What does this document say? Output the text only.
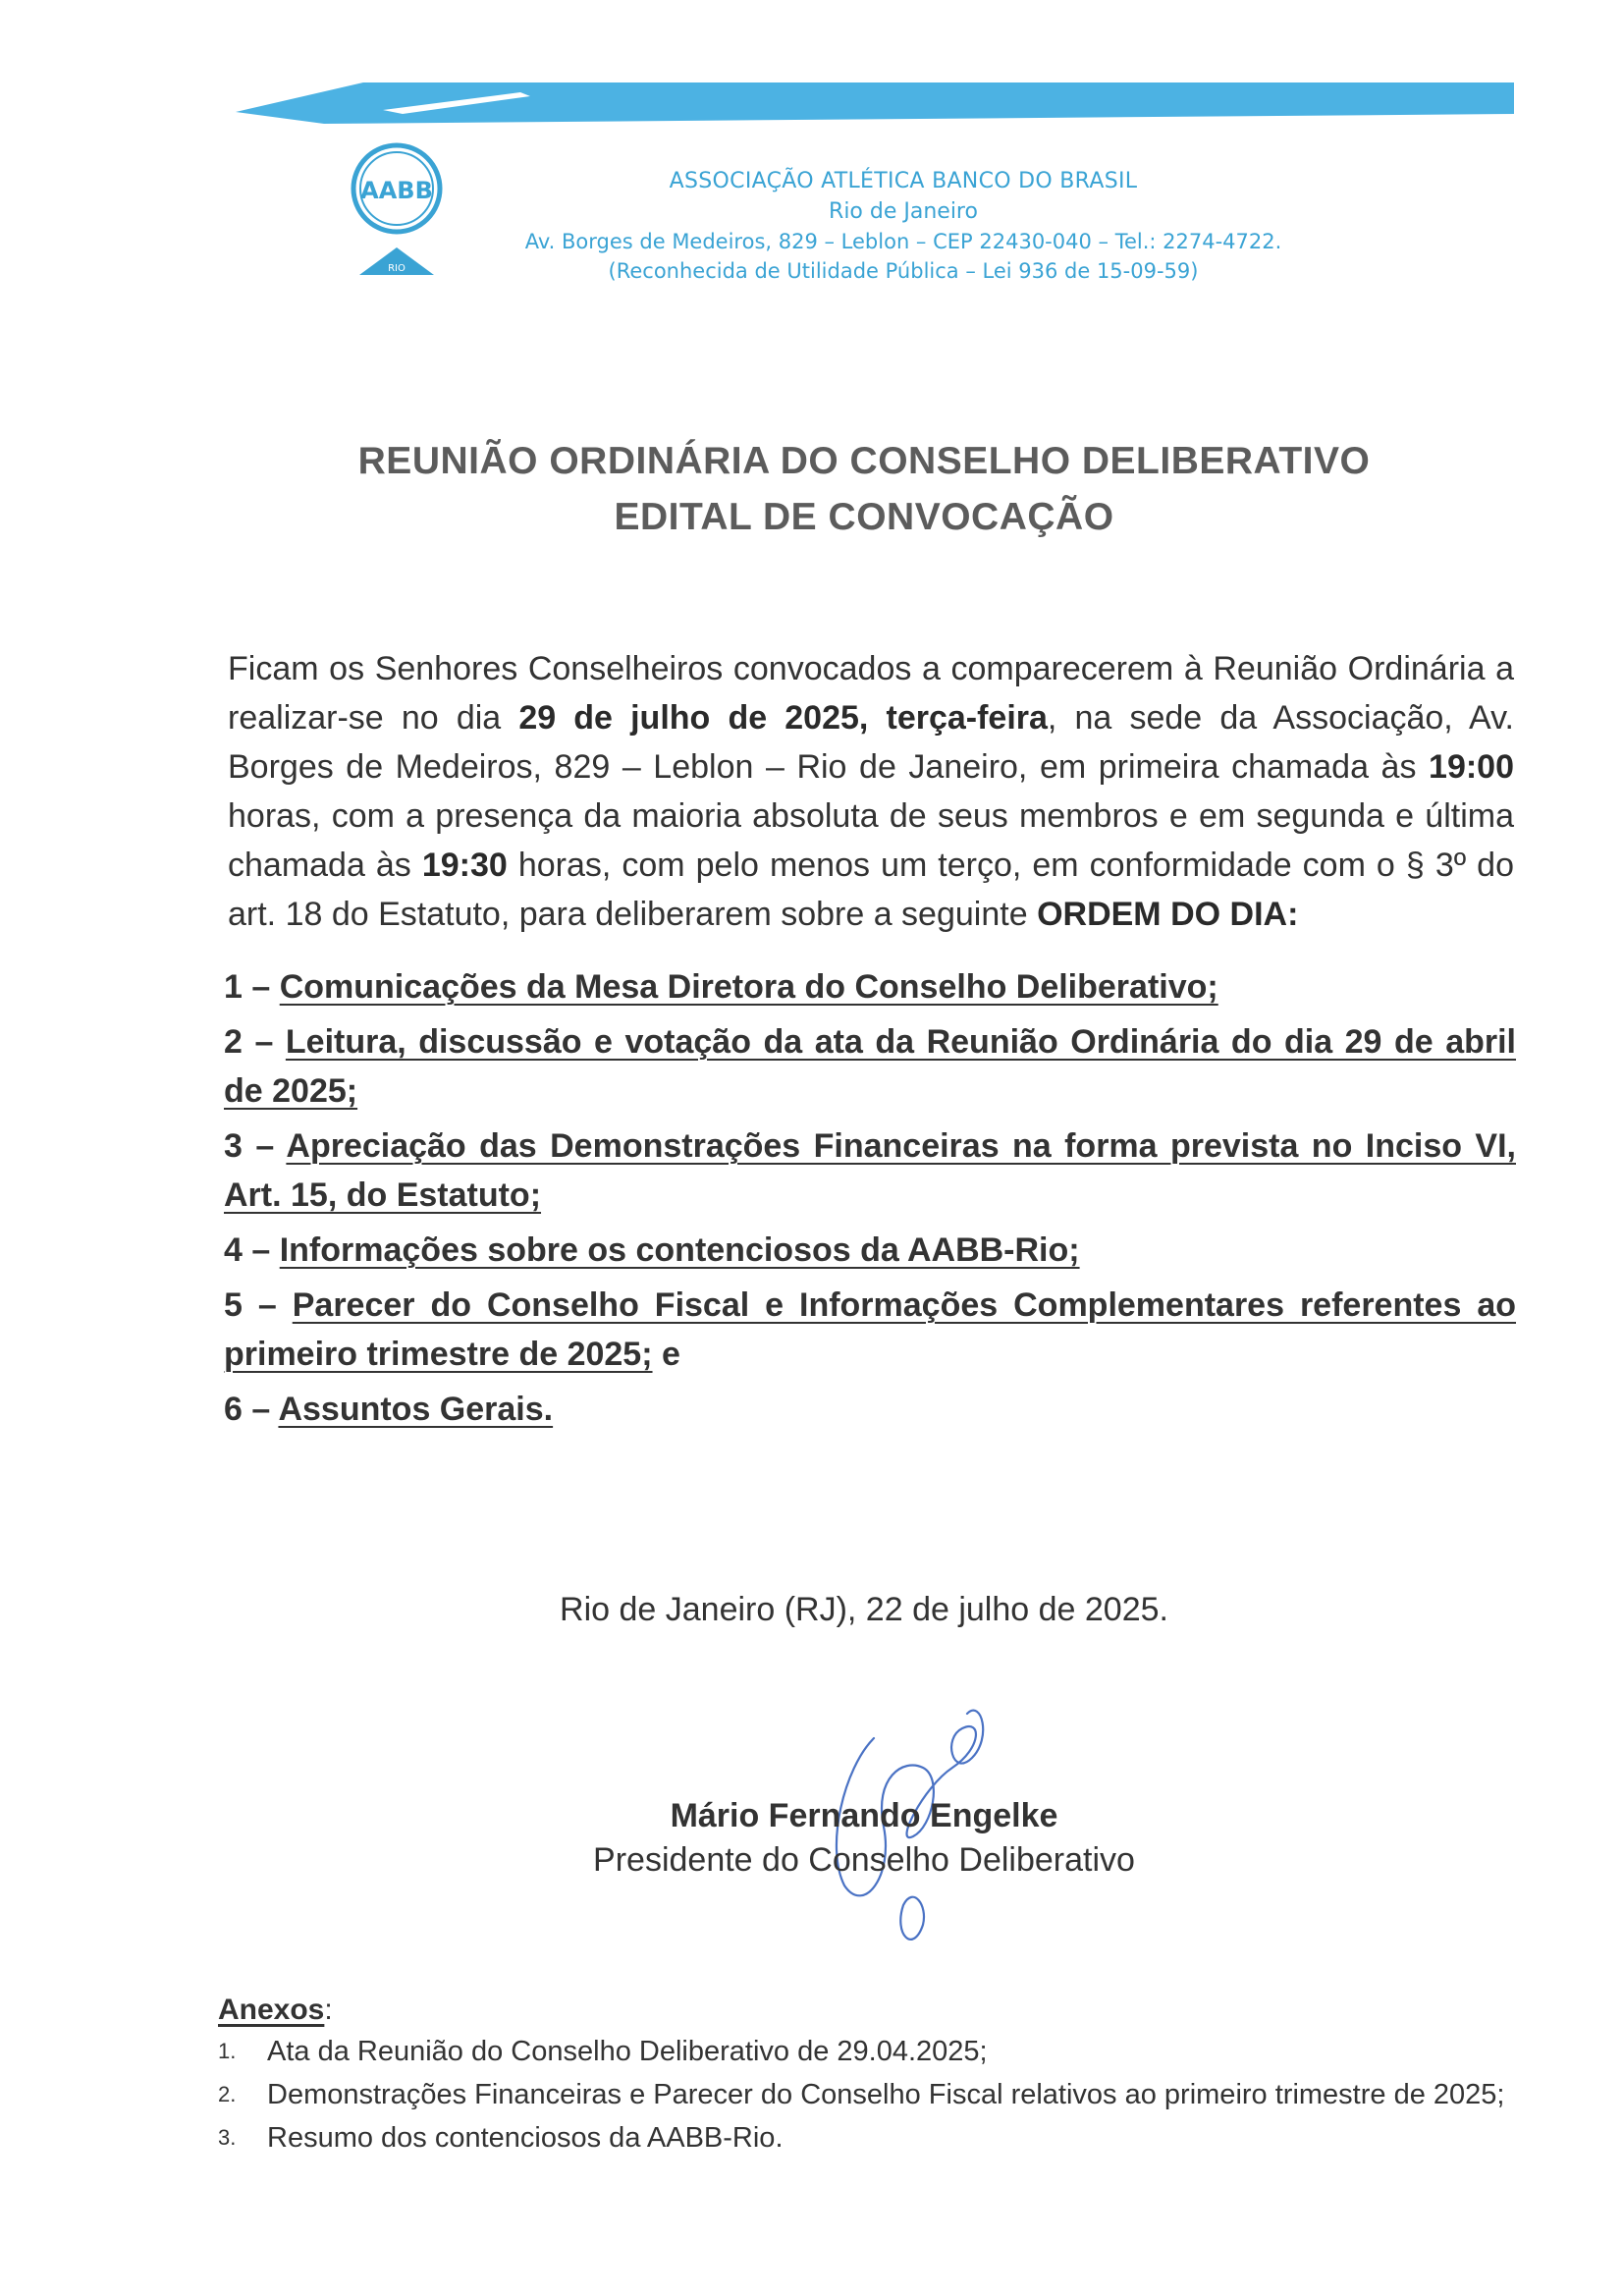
AABB
RIO
ASSOCIAÇÃO ATLÉTICA BANCO DO BRASIL
Rio de Janeiro
Av. Borges de Medeiros, 829 – Leblon – CEP 22430-040 – Tel.: 2274-4722.
(Reconhecida de Utilidade Pública – Lei 936 de 15-09-59)
REUNIÃO ORDINÁRIA DO CONSELHO DELIBERATIVO
EDITAL DE CONVOCAÇÃO
Ficam os Senhores Conselheiros convocados a comparecerem à Reunião Ordinária a realizar-se no dia 29 de julho de 2025, terça-feira, na sede da Associação, Av. Borges de Medeiros, 829 – Leblon – Rio de Janeiro, em primeira chamada às 19:00 horas, com a presença da maioria absoluta de seus membros e em segunda e última chamada às 19:30 horas, com pelo menos um terço, em conformidade com o § 3º do art. 18 do Estatuto, para deliberarem sobre a seguinte ORDEM DO DIA:
1 – Comunicações da Mesa Diretora do Conselho Deliberativo;
2 – Leitura, discussão e votação da ata da Reunião Ordinária do dia 29 de abril de 2025;
3 – Apreciação das Demonstrações Financeiras na forma prevista no Inciso VI, Art. 15, do Estatuto;
4 – Informações sobre os contenciosos da AABB-Rio;
5 – Parecer do Conselho Fiscal e Informações Complementares referentes ao primeiro trimestre de 2025; e
6 – Assuntos Gerais.
Rio de Janeiro (RJ), 22 de julho de 2025.
Mário Fernando Engelke
Presidente do Conselho Deliberativo
Anexos:
1. Ata da Reunião do Conselho Deliberativo de 29.04.2025;
2. Demonstrações Financeiras e Parecer do Conselho Fiscal relativos ao primeiro trimestre de 2025;
3. Resumo dos contenciosos da AABB-Rio.
